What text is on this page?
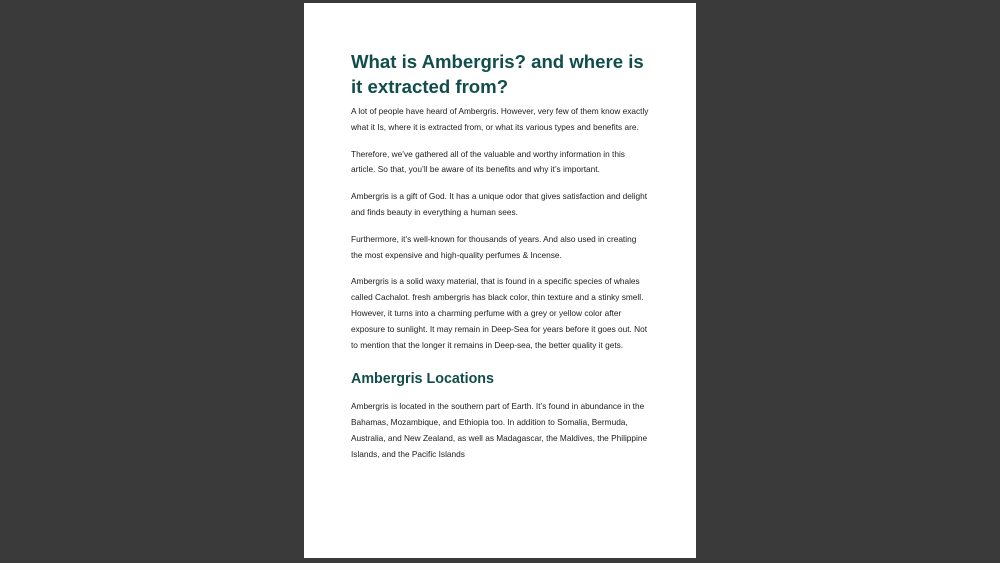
What is Ambergris? and where is it extracted from?

A lot of people have heard of Ambergris. However, very few of them know exactly what it Is, where it is extracted from, or what its various types and benefits are.

Therefore, we’ve gathered all of the valuable and worthy information in this article. So that, you’ll be aware of its benefits and why it’s important.

Ambergris is a gift of God. It has a unique odor that gives satisfaction and delight and finds beauty in everything a human sees.

Furthermore, it’s well-known for thousands of years. And also used in creating the most expensive and high-quality perfumes & Incense.

Ambergris is a solid waxy material, that is found in a specific species of whales called Cachalot. fresh ambergris has black color, thin texture and a stinky smell. However, it turns into a charming perfume with a grey or yellow color after exposure to sunlight. It may remain in Deep-Sea for years before it goes out. Not to mention that the longer it remains in Deep-sea, the better quality it gets.

Ambergris Locations

Ambergris is located in the southern part of Earth. It’s found in abundance in the Bahamas, Mozambique, and Ethiopia too. In addition to Somalia, Bermuda, Australia, and New Zealand, as well as Madagascar, the Maldives, the Philippine Islands, and the Pacific Islands
